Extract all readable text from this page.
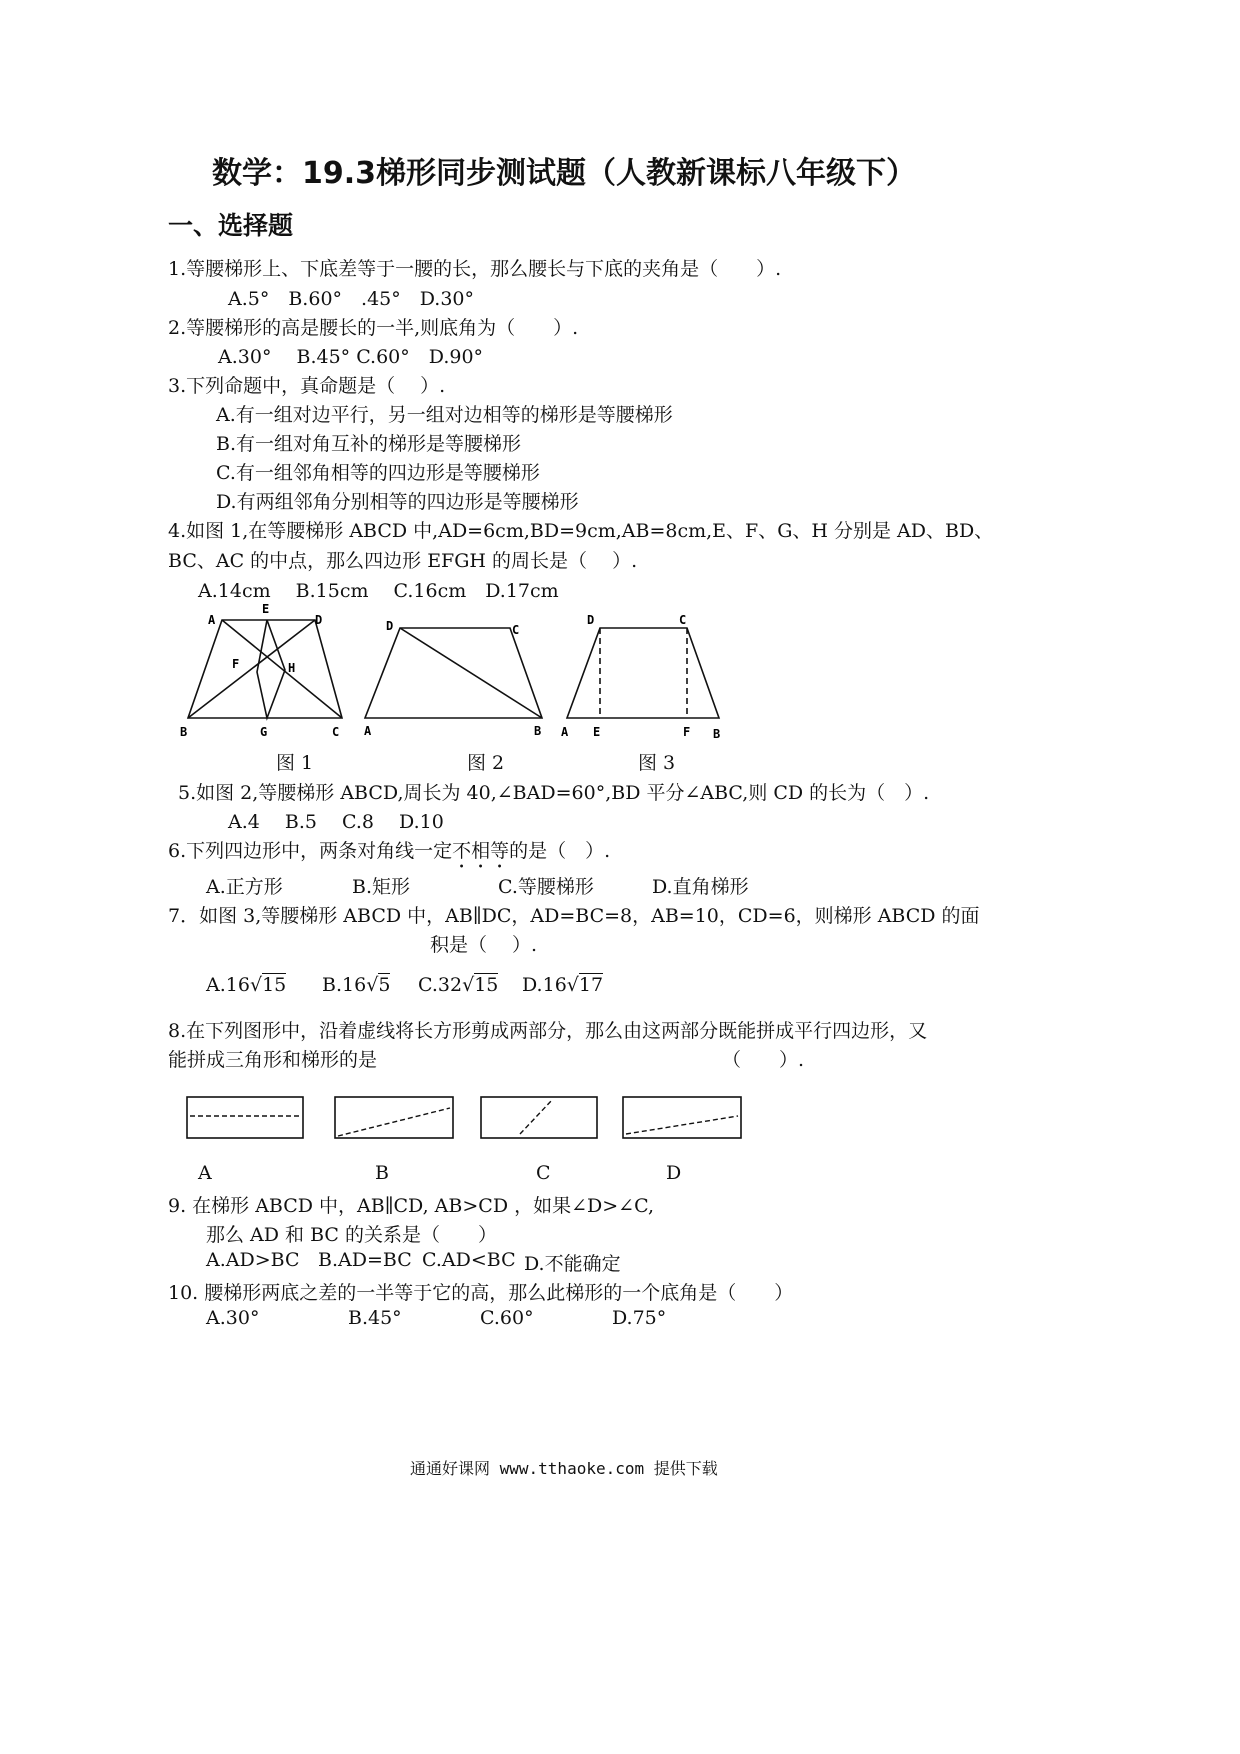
数学：19.3梯形同步测试题（人教新课标八年级下）
一、选择题
1.等腰梯形上、下底差等于一腰的长，那么腰长与下底的夹角是（　　）.
A.5°　B.60°　.45°　D.30°
2.等腰梯形的高是腰长的一半,则底角为（　　）.
A.30°　 B.45° C.60°　D.90°
3.下列命题中，真命题是（　 ）.
A.有一组对边平行，另一组对边相等的梯形是等腰梯形
B.有一组对角互补的梯形是等腰梯形
C.有一组邻角相等的四边形是等腰梯形
D.有两组邻角分别相等的四边形是等腰梯形
4.如图 1,在等腰梯形 ABCD 中,AD=6cm,BD=9cm,AB=8cm,E、F、G、H 分别是 AD、BD、
BC、AC 的中点，那么四边形 EFGH 的周长是（　 ）.
A.14cm　 B.15cm　 C.16cm　D.17cm
A
E
D
F	H
B	G	C
图 1
D	C
A	B
图 2
D	C
A E	F B
图 3
5.如图 2,等腰梯形 ABCD,周长为 40,∠BAD=60°,BD 平分∠ABC,则 CD 的长为（　）.
A.4　 B.5　 C.8　 D.10
6.下列四边形中，两条对角线一定不相等的是（　）.
A.正方形	B.矩形	C.等腰梯形	D.直角梯形
7．如图 3,等腰梯形 ABCD 中，AB∥DC，AD=BC=8，AB=10，CD=6，则梯形 ABCD 的面
积是（　 ）.
A.16√15 B.16√5 C.32√15 D.16√17
8.在下列图形中，沿着虚线将长方形剪成两部分，那么由这两部分既能拼成平行四边形，又
能拼成三角形和梯形的是	（　　）.
A	B	C	D
9. 在梯形 ABCD 中，AB∥CD, AB>CD ，如果∠D>∠C,
那么 AD 和 BC 的关系是（　　）
A.AD>BC B.AD=BC C.AD<BC D.不能确定
10. 腰梯形两底之差的一半等于它的高，那么此梯形的一个底角是（　　）
A.30°	B.45°	C.60°	D.75°
通通好课网 www.tthaoke.com 提供下载
